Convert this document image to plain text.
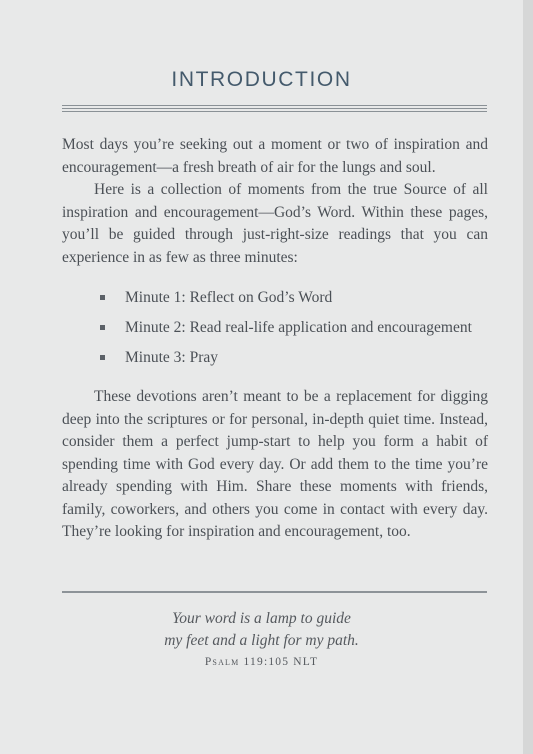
INTRODUCTION

Most days you’re seeking out a moment or two of inspiration and encouragement—a fresh breath of air for the lungs and soul.

Here is a collection of moments from the true Source of all inspiration and encouragement—God’s Word. Within these pages, you’ll be guided through just-right-size readings that you can experience in as few as three minutes:

Minute 1: Reflect on God’s Word
Minute 2: Read real-life application and encouragement
Minute 3: Pray

These devotions aren’t meant to be a replacement for digging deep into the scriptures or for personal, in-depth quiet time. Instead, consider them a perfect jump-start to help you form a habit of spending time with God every day. Or add them to the time you’re already spending with Him. Share these moments with friends, family, coworkers, and others you come in contact with every day. They’re looking for inspiration and encouragement, too.

Your word is a lamp to guide
my feet and a light for my path.
Psalm 119:105 NLT
